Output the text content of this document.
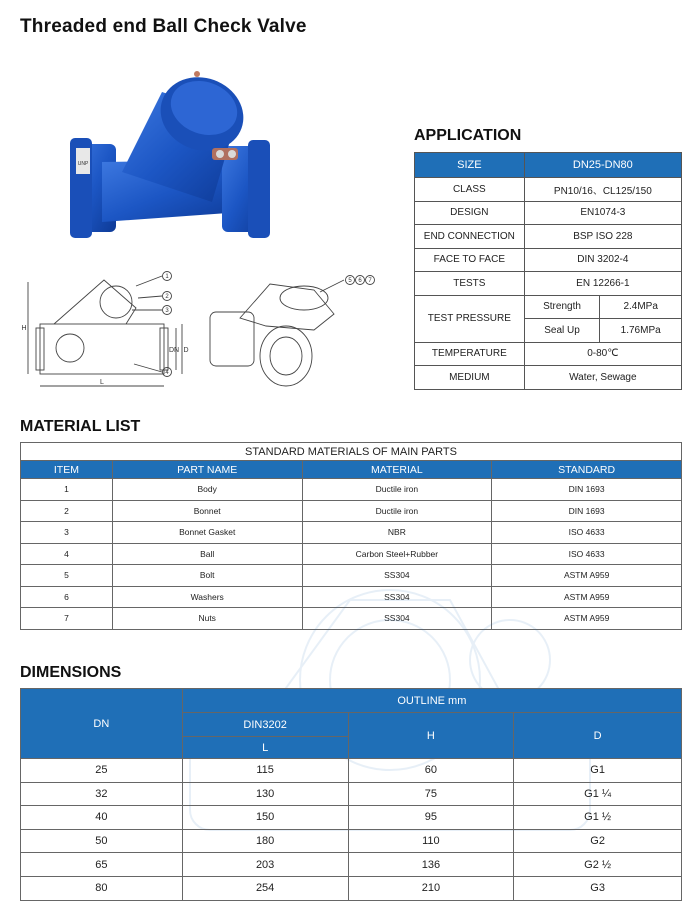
Threaded end Ball Check Valve
UNP
1
2
3
4
5 6 7
H
L
DN D
APPLICATION
SIZE	DN25-DN80	
CLASS	PN10/16、CL125/150	
DESIGN	EN1074-3	
END CONNECTION	BSP ISO 228	
FACE TO FACE	DIN 3202-4	
TESTS	EN 12266-1	
TEST PRESSURE	Strength	2.4MPa
	Seal Up	1.76MPa
TEMPERATURE	0-80℃	
MEDIUM	Water, Sewage	
MATERIAL LIST
STANDARD MATERIALS OF MAIN PARTS			
ITEM	PART NAME	MATERIAL	STANDARD
1	Body	Ductile iron	DIN 1693
2	Bonnet	Ductile iron	DIN 1693
3	Bonnet Gasket	NBR	ISO 4633
4	Ball	Carbon Steel+Rubber	ISO 4633
5	Bolt	SS304	ASTM A959
6	Washers	SS304	ASTM A959
7	Nuts	SS304	ASTM A959
DIMENSIONS
DN	OUTLINE mm		
	DIN3202	H	D
	L		
25	115	60	G1
32	130	75	G1 ¼
40	150	95	G1 ½
50	180	110	G2
65	203	136	G2 ½
80	254	210	G3
